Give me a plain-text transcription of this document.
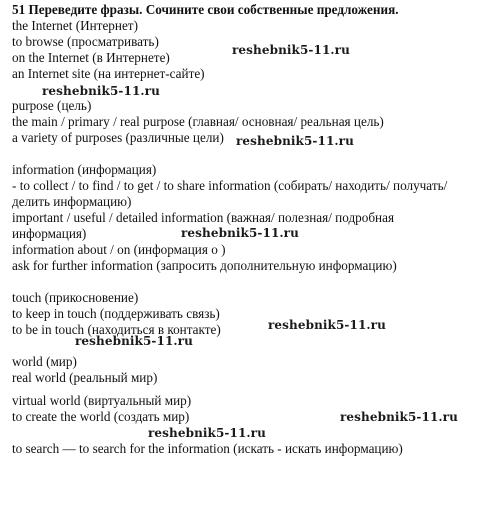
51 Переведите фразы. Сочините свои собственные предложения.
the Internet (Интернет)
to browse (просматривать)
on the Internet (в Интернете)
an Internet site (на интернет-сайте)
purpose (цель)
the main / primary / real purpose (главная/ основная/ реальная цель)
a variety of purposes (различные цели)
information (информация)
- to collect / to find / to get / to share information (собирать/ находить/ получать/
делить информацию)
important / useful / detailed information (важная/ полезная/ подробная
информация)
information about / on (информация о )
ask for further information (запросить дополнительную информацию)
touch (прикосновение)
to keep in touch (поддерживать связь)
to be in touch (находиться в контакте)
world (мир)
real world (реальный мир)
virtual world (виртуальный мир)
to create the world (создать мир)
to search — to search for the information (искать - искать информацию)
reshebnik5-11.ru
reshebnik5-11.ru
reshebnik5-11.ru
reshebnik5-11.ru
reshebnik5-11.ru
reshebnik5-11.ru
reshebnik5-11.ru
reshebnik5-11.ru
